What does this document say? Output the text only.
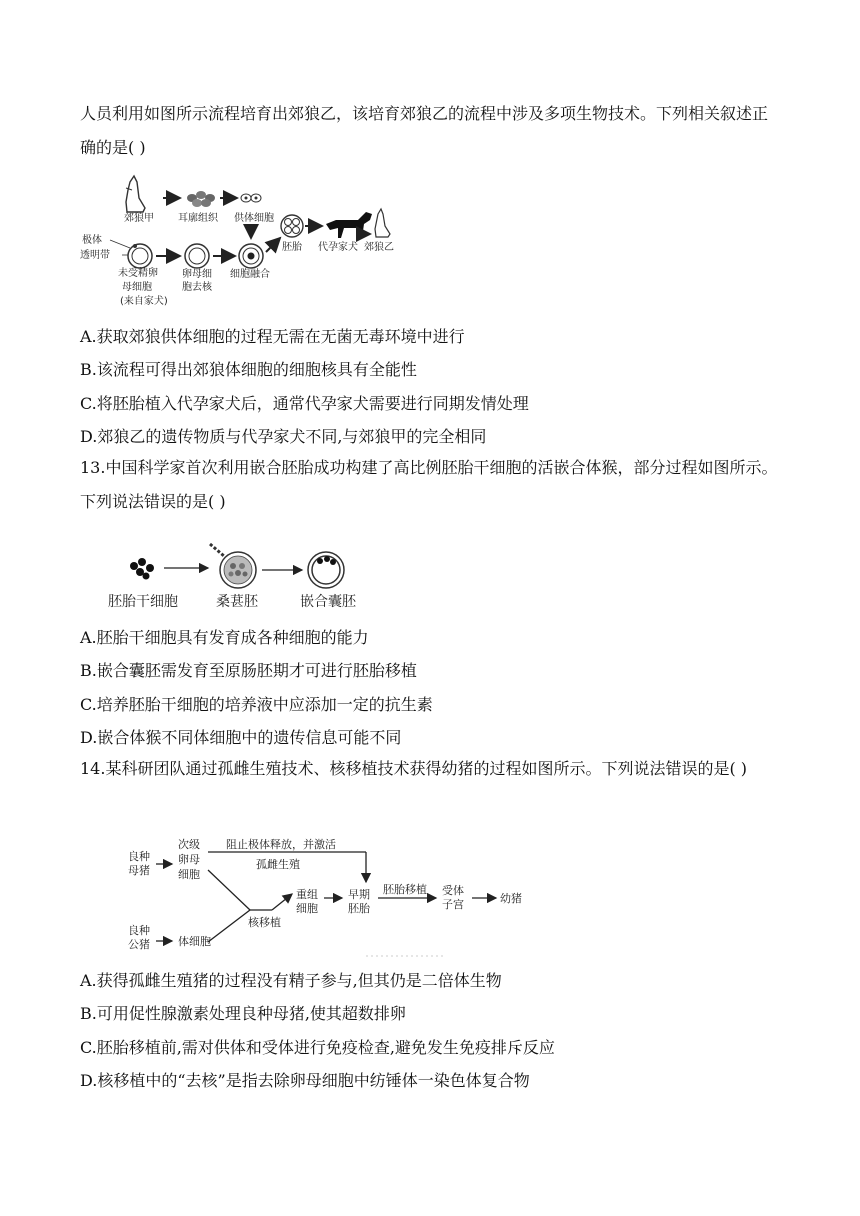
人员利用如图所示流程培育出郊狼乙，该培育郊狼乙的流程中涉及多项生物技术。下列相关叙述正确的是( )

郊狼甲 耳廓组织 供体细胞
极体
透明带
未受精卵
母细胞
(来自家犬)
卵母细
胞去核
细胞融合
胚胎 代孕家犬 郊狼乙

A.获取郊狼供体细胞的过程无需在无菌无毒环境中进行

B.该流程可得出郊狼体细胞的细胞核具有全能性

C.将胚胎植入代孕家犬后，通常代孕家犬需要进行同期发情处理

D.郊狼乙的遗传物质与代孕家犬不同,与郊狼甲的完全相同

13.中国科学家首次利用嵌合胚胎成功构建了高比例胚胎干细胞的活嵌合体猴，部分过程如图所示。下列说法错误的是( )

胚胎干细胞	桑葚胚	嵌合囊胚

A.胚胎干细胞具有发育成各种细胞的能力

B.嵌合囊胚需发育至原肠胚期才可进行胚胎移植

C.培养胚胎干细胞的培养液中应添加一定的抗生素

D.嵌合体猴不同体细胞中的遗传信息可能不同

14.某科研团队通过孤雌生殖技术、核移植技术获得幼猪的过程如图所示。下列说法错误的是( )

良种
母猪
次级
卵母
细胞
阻止极体释放，并激活
孤雌生殖
核移植
重组
细胞
早期
胚胎
胚胎移植 受体
子宫	幼猪
良种
公猪	体细胞

A.获得孤雌生殖猪的过程没有精子参与,但其仍是二倍体生物

B.可用促性腺激素处理良种母猪,使其超数排卵

C.胚胎移植前,需对供体和受体进行免疫检查,避免发生免疫排斥反应

D.核移植中的“去核”是指去除卵母细胞中纺锤体一染色体复合物
